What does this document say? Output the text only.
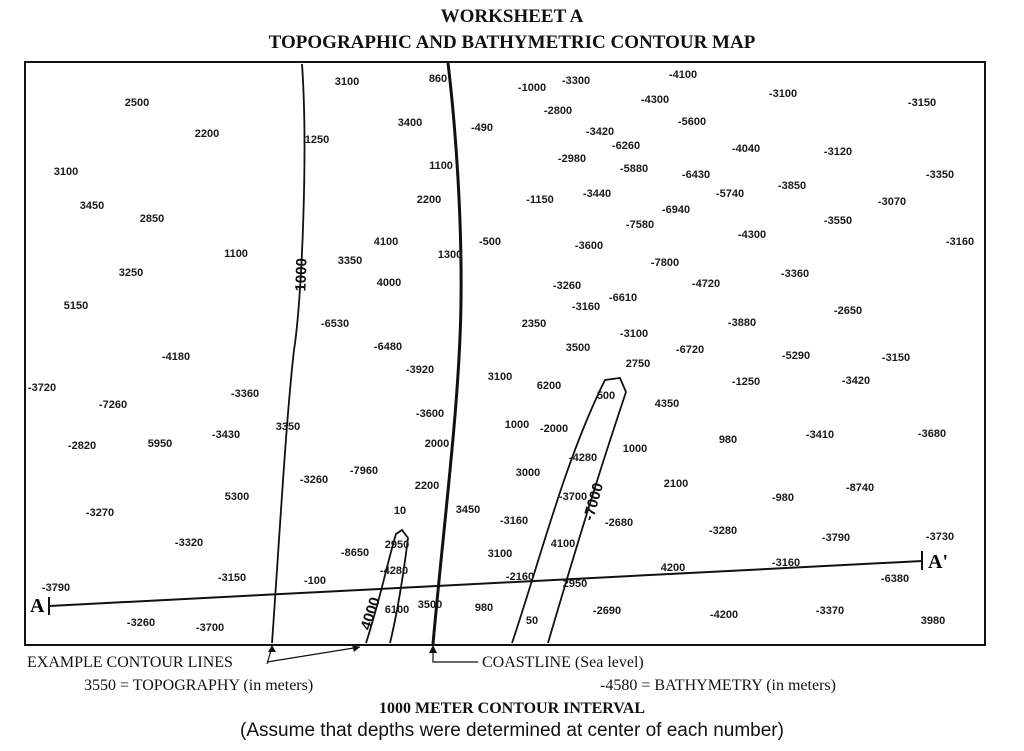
WORKSHEET A
TOPOGRAPHIC AND BATHYMETRIC CONTOUR MAP
1000
4000
-7000
A
A'
3100	860
-1000
-3300	-4100
-4300	-3100
-3150
2500
2200	1250
3400	-490
-2800
-3420
-5600
-6260	-4040	-3120
1100
-2980
-5880	-6430	-3350
3100
3450
2850
2200	-1150	-3440	-5740
-3850
-6940
-3070
-7580	-3550
4100
1100
3350	1300
-500	-3600
-4300
-3160
3250
4000
-7800
-3360
5150
-3260	-4720
-6610
-3160
-6530	2350
-2650
-3880
-3100
-6480	3500	-6720
-4180
2750
-5290	-3150
-3920
3100	-1250
-3720	6200	-3420
-3360	500
-7260	4350
-3600
2000
1000 -2000
-3430	980	-3410	-3680
-2820	5950
3350
1000
-4280
-7960	3000
-3260	2200	2100
-3700
-8740
-3270
5300
10	3450
-980
-3160	-2680
-3280
-3790	-3730
-3320	2950	4100
-8650	3100
-2160
-4280	4200	-3160
-3150	-100	2950	-6380
-3790
6100 3500	980	-2690	-4200	-3370
-3260	3980
-3700
50
EXAMPLE CONTOUR LINES	COASTLINE (Sea level)
3550 = TOPOGRAPHY (in meters)	-4580 = BATHYMETRY (in meters)
1000 METER CONTOUR INTERVAL
(Assume that depths were determined at center of each number)
